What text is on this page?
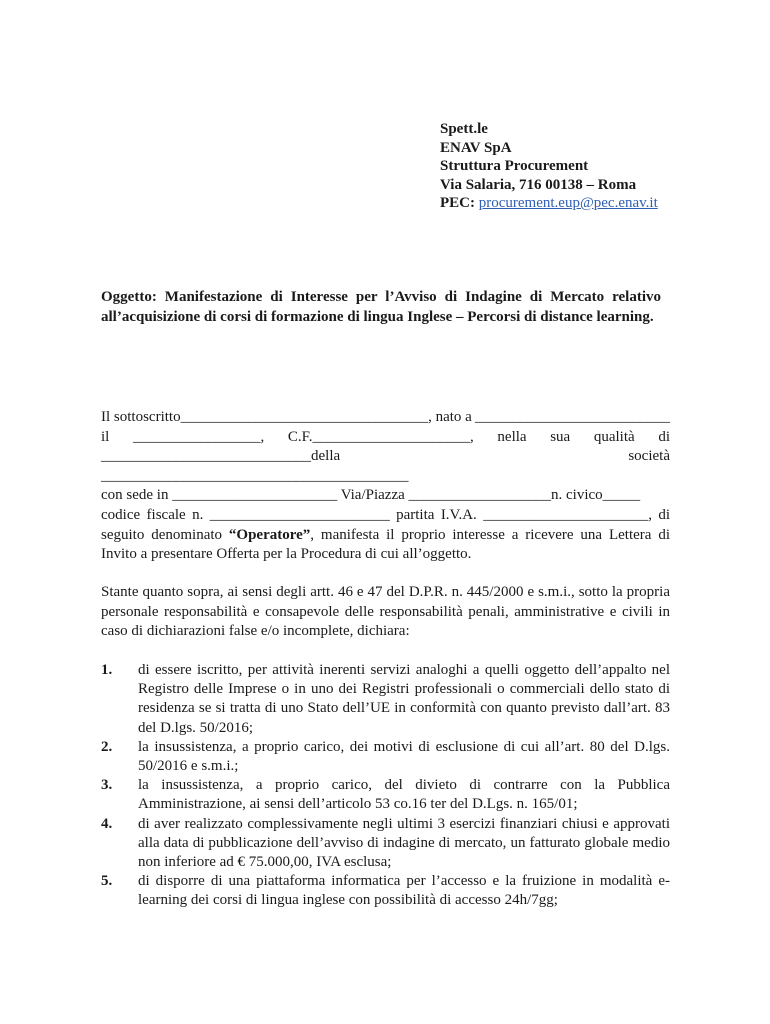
Spett.le
ENAV SpA
Struttura Procurement
Via Salaria, 716 00138 – Roma
PEC: procurement.eup@pec.enav.it
Oggetto: Manifestazione di Interesse per l’Avviso di Indagine di Mercato relativo all’acquisizione di corsi di formazione di lingua Inglese – Percorsi di distance learning.
Il sottoscritto_________________________________, nato a __________________________
il _________________, C.F._____________________, nella sua qualità di
____________________________della	società
_________________________________________
con sede in ______________________ Via/Piazza ___________________n. civico_____
codice fiscale n. ________________________ partita I.V.A. ______________________, di
seguito denominato “Operatore”, manifesta il proprio interesse a ricevere una Lettera di Invito a presentare Offerta per la Procedura di cui all’oggetto.
Stante quanto sopra, ai sensi degli artt. 46 e 47 del D.P.R. n. 445/2000 e s.m.i., sotto la propria personale responsabilità e consapevole delle responsabilità penali, amministrative e civili in caso di dichiarazioni false e/o incomplete, dichiara:
1.	di essere iscritto, per attività inerenti servizi analoghi a quelli oggetto dell’appalto nel Registro delle Imprese o in uno dei Registri professionali o commerciali dello stato di residenza se si tratta di uno Stato dell’UE in conformità con quanto previsto dall’art. 83 del D.lgs. 50/2016;
2.	la insussistenza, a proprio carico, dei motivi di esclusione di cui all’art. 80 del D.lgs. 50/2016 e s.m.i.;
3.	la insussistenza, a proprio carico, del divieto di contrarre con la Pubblica Amministrazione, ai sensi dell’articolo 53 co.16 ter del D.Lgs. n. 165/01;
4.	di aver realizzato complessivamente negli ultimi 3 esercizi finanziari chiusi e approvati alla data di pubblicazione dell’avviso di indagine di mercato, un fatturato globale medio non inferiore ad € 75.000,00, IVA esclusa;
5.	di disporre di una piattaforma informatica per l’accesso e la fruizione in modalità e-learning dei corsi di lingua inglese con possibilità di accesso 24h/7gg;
